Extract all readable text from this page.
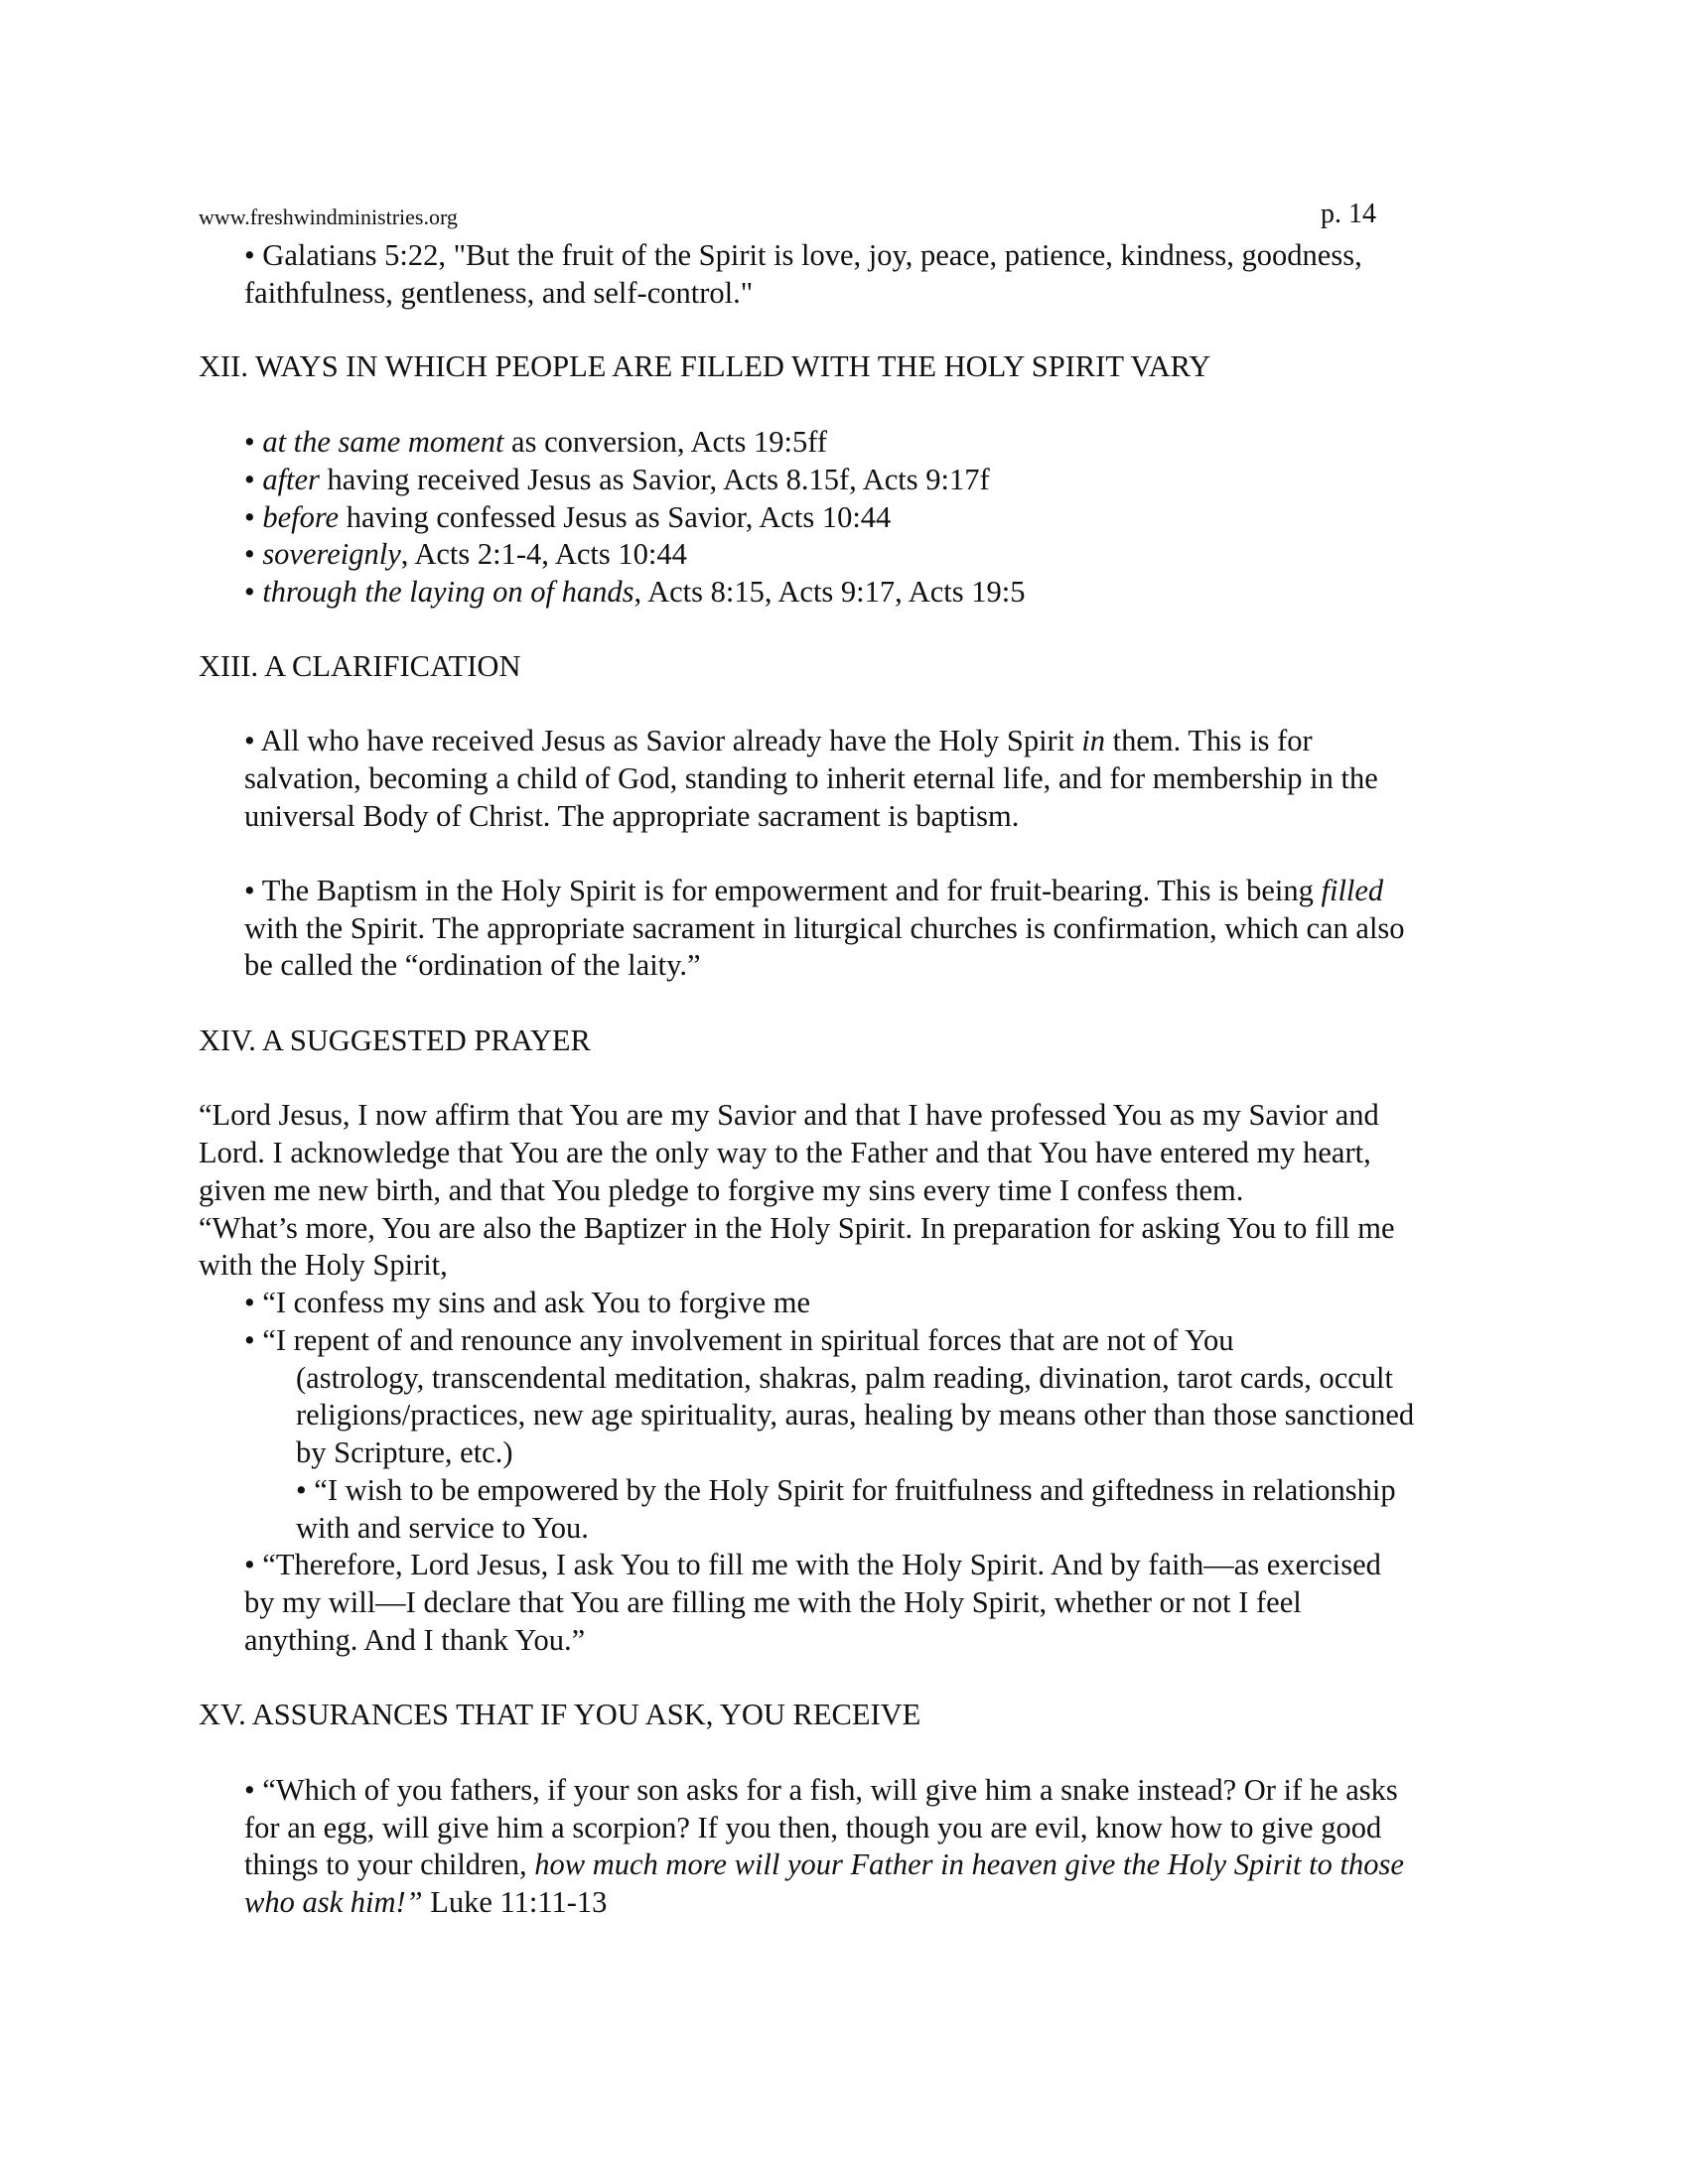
www.freshwindministries.org	p. 14
• Galatians 5:22, "But the fruit of the Spirit is love, joy, peace, patience, kindness, goodness,
faithfulness, gentleness, and self-control."
XII. WAYS IN WHICH PEOPLE ARE FILLED WITH THE HOLY SPIRIT VARY
• at the same moment as conversion, Acts 19:5ff
• after having received Jesus as Savior, Acts 8.15f, Acts 9:17f
• before having confessed Jesus as Savior, Acts 10:44
• sovereignly, Acts 2:1-4, Acts 10:44
• through the laying on of hands, Acts 8:15, Acts 9:17, Acts 19:5
XIII. A CLARIFICATION
• All who have received Jesus as Savior already have the Holy Spirit in them. This is for
salvation, becoming a child of God, standing to inherit eternal life, and for membership in the
universal Body of Christ. The appropriate sacrament is baptism.
• The Baptism in the Holy Spirit is for empowerment and for fruit-bearing. This is being filled
with the Spirit. The appropriate sacrament in liturgical churches is confirmation, which can also
be called the “ordination of the laity.”
XIV. A SUGGESTED PRAYER
“Lord Jesus, I now affirm that You are my Savior and that I have professed You as my Savior and
Lord. I acknowledge that You are the only way to the Father and that You have entered my heart,
given me new birth, and that You pledge to forgive my sins every time I confess them.
“What’s more, You are also the Baptizer in the Holy Spirit. In preparation for asking You to fill me
with the Holy Spirit,
• “I confess my sins and ask You to forgive me
• “I repent of and renounce any involvement in spiritual forces that are not of You
(astrology, transcendental meditation, shakras, palm reading, divination, tarot cards, occult
religions/practices, new age spirituality, auras, healing by means other than those sanctioned
by Scripture, etc.)
• “I wish to be empowered by the Holy Spirit for fruitfulness and giftedness in relationship
with and service to You.
• “Therefore, Lord Jesus, I ask You to fill me with the Holy Spirit. And by faith—as exercised
by my will—I declare that You are filling me with the Holy Spirit, whether or not I feel
anything. And I thank You.”
XV. ASSURANCES THAT IF YOU ASK, YOU RECEIVE
• “Which of you fathers, if your son asks for a fish, will give him a snake instead? Or if he asks
for an egg, will give him a scorpion? If you then, though you are evil, know how to give good
things to your children, how much more will your Father in heaven give the Holy Spirit to those
who ask him!” Luke 11:11-13
